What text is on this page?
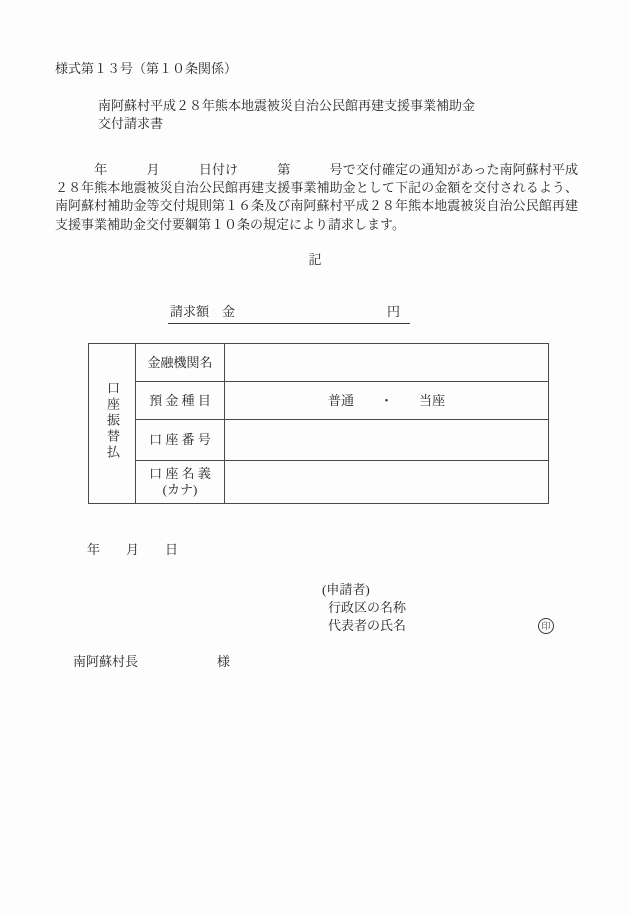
様式第１３号（第１０条関係）
南阿蘇村平成２８年熊本地震被災自治公民館再建支援事業補助金
交付請求書
　　　年　　　月　　　日付け　　　第　　　号で交付確定の通知があった南阿蘇村平成２８年熊本地震被災自治公民館再建支援事業補助金として下記の金額を交付されるよう、南阿蘇村補助金等交付規則第１６条及び南阿蘇村平成２８年熊本地震被災自治公民館再建支援事業補助金交付要綱第１０条の規定により請求します。
記
請求額　金	円
口座振替払	金融機関名	
	預 金 種 目	普通　　・　　当座
	口 座 番 号	

	口 座 名 義
(カナ)	

年　　月　　日
(申請者)
行政区の名称
代表者の氏名	印
南阿蘇村長	様
